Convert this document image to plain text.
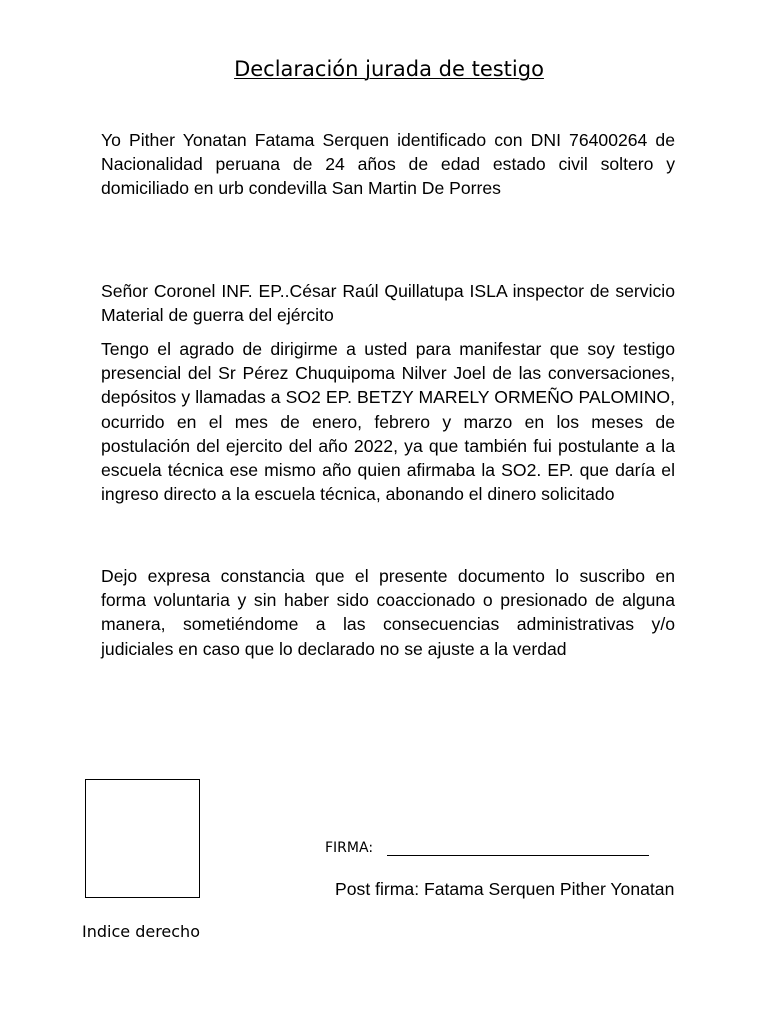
Declaración jurada de testigo

Yo Pither Yonatan Fatama Serquen identificado con DNI 76400264 de Nacionalidad peruana de 24 años de edad estado civil soltero y domiciliado en urb condevilla San Martin De Porres

Señor Coronel INF. EP..César Raúl Quillatupa ISLA inspector de servicio Material de guerra del ejército

Tengo el agrado de dirigirme a usted para manifestar que soy testigo presencial del Sr Pérez Chuquipoma Nilver Joel de las conversaciones, depósitos y llamadas a SO2 EP. BETZY MARELY ORMEÑO PALOMINO, ocurrido en el mes de enero, febrero y marzo en los meses de postulación del ejercito del año 2022, ya que también fui postulante a la escuela técnica ese mismo año quien afirmaba la SO2. EP. que daría el ingreso directo a la escuela técnica, abonando el dinero solicitado

Dejo expresa constancia que el presente documento lo suscribo en forma voluntaria y sin haber sido coaccionado o presionado de alguna manera, sometiéndome a las consecuencias administrativas y/o judiciales en caso que lo declarado no se ajuste a la verdad

Indice derecho

FIRMA:

Post firma: Fatama Serquen Pither Yonatan
